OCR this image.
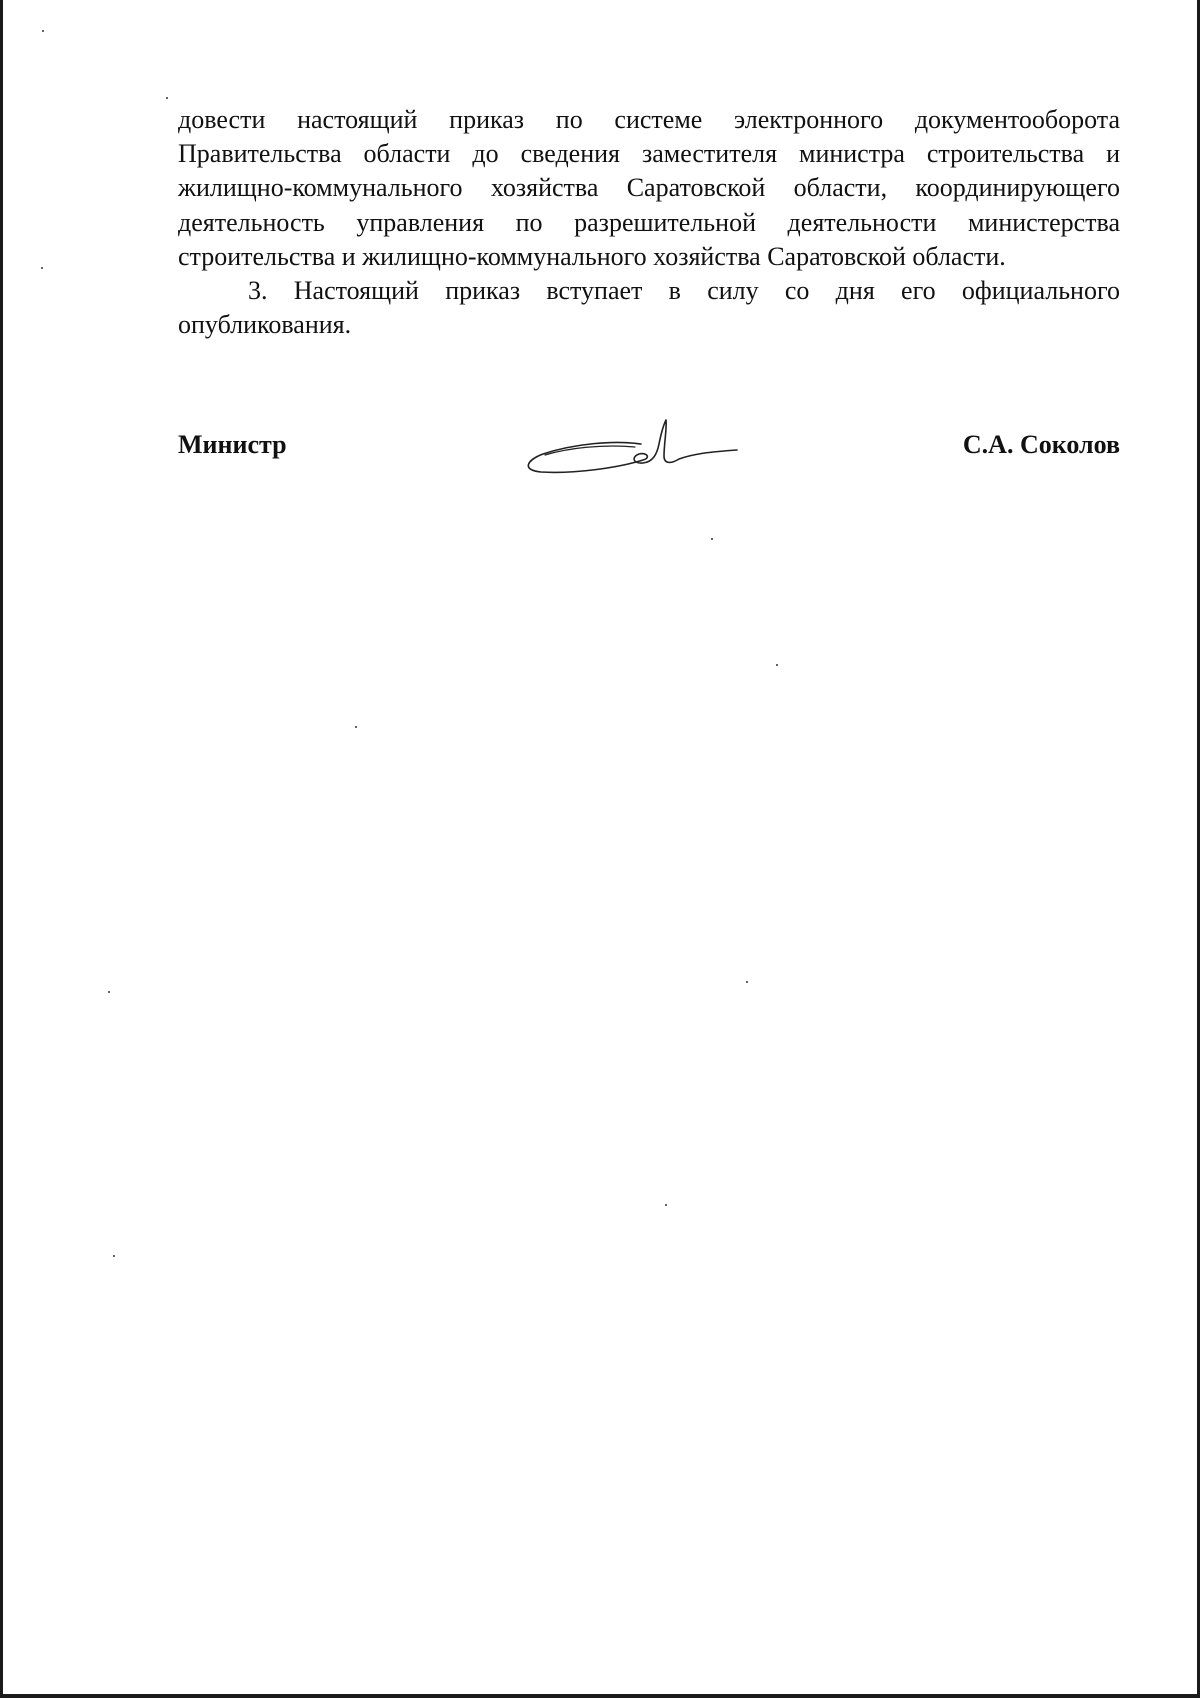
довести настоящий приказ по системе электронного документооборота Правительства области до сведения заместителя министра строительства и жилищно-коммунального хозяйства Саратовской области, координирующего деятельность управления по разрешительной деятельности министерства строительства и жилищно-коммунального хозяйства Саратовской области.

3. Настоящий приказ вступает в силу со дня его официального опубликования.

Министр	С.А. Соколов
